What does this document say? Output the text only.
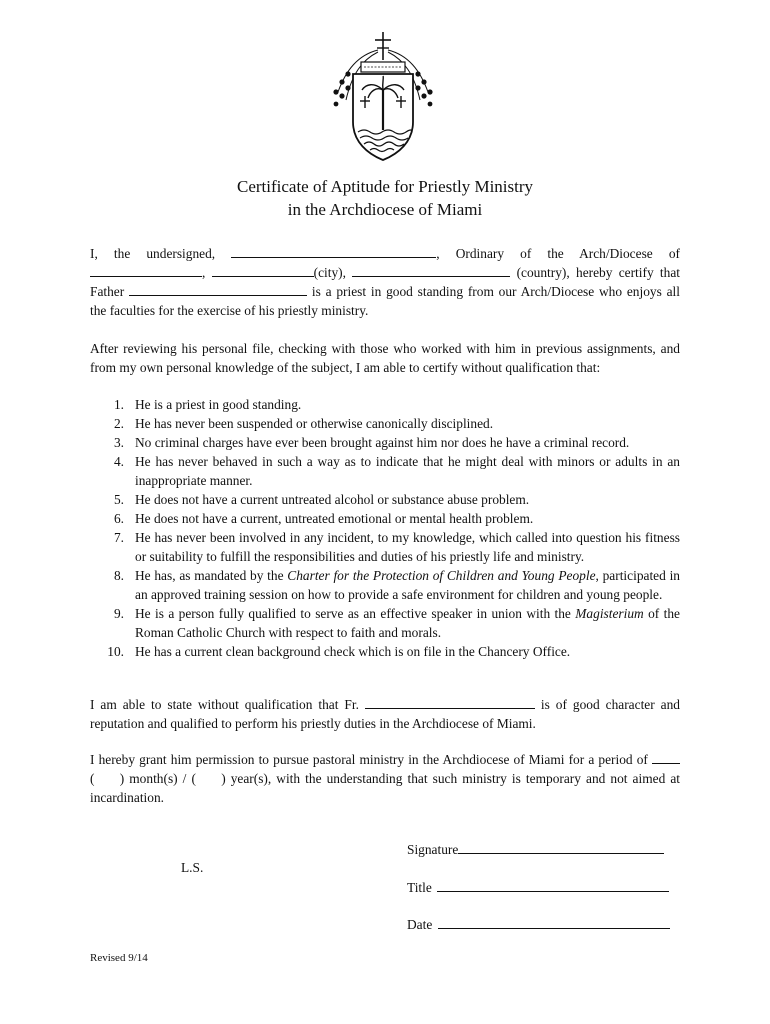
Certificate of Aptitude for Priestly Ministry
in the Archdiocese of Miami
I, the undersigned,	, Ordinary of the Arch/Diocese of
,	(city),	(country), hereby certify that
Father	is a priest in good standing from our Arch/Diocese who enjoys all
the faculties for the exercise of his priestly ministry.
After reviewing his personal file, checking with those who worked with him in previous assignments, and from my own personal knowledge of the subject, I am able to certify without qualification that:
1. He is a priest in good standing.
2. He has never been suspended or otherwise canonically disciplined.
3. No criminal charges have ever been brought against him nor does he have a criminal record.
4. He has never behaved in such a way as to indicate that he might deal with minors or adults in an inappropriate manner.
5. He does not have a current untreated alcohol or substance abuse problem.
6. He does not have a current, untreated emotional or mental health problem.
7. He has never been involved in any incident, to my knowledge, which called into question his fitness or suitability to fulfill the responsibilities and duties of his priestly life and ministry.
8. He has, as mandated by the Charter for the Protection of Children and Young People, participated in an approved training session on how to provide a safe environment for children and young people.
9. He is a person fully qualified to serve as an effective speaker in union with the Magisterium of the Roman Catholic Church with respect to faith and morals.
10. He has a current clean background check which is on file in the Chancery Office.
I am able to state without qualification that Fr.	is of good character and
reputation and qualified to perform his priestly duties in the Archdiocese of Miami.
I hereby grant him permission to pursue pastoral ministry in the Archdiocese of Miami for a period of
(     ) month(s) / (     ) year(s), with the understanding that such ministry is temporary and not aimed at
incardination.
L.S.
Signature
Title
Date
Revised 9/14
